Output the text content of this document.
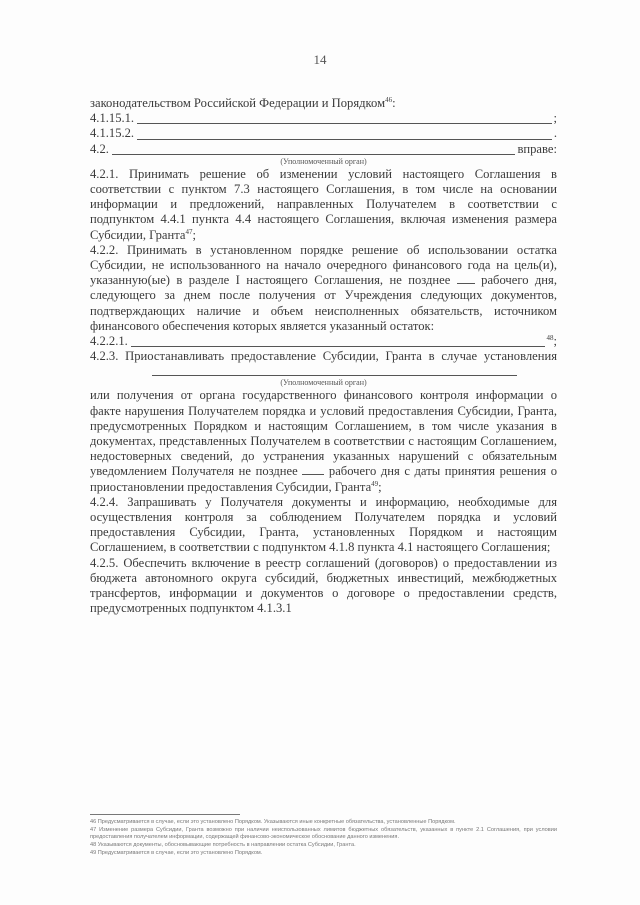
14

законодательством Российской Федерации и Порядком$^{46}$:

4.1.15.1.	;
4.1.15.2.	.
4.2.	вправе:
(Уполномоченный орган)

4.2.1. Принимать решение об изменении условий настоящего Соглашения в соответствии с пунктом 7.3 настоящего Соглашения, в том числе на основании информации и предложений, направленных Получателем в соответствии с подпунктом 4.4.1 пункта 4.4 настоящего Соглашения, включая изменения размера Субсидии, Гранта$^{47}$;

4.2.2. Принимать в установленном порядке решение об использовании остатка Субсидии, не использованного на начало очередного финансового года на цель(и), указанную(ые) в разделе I настоящего Соглашения, не позднее рабочего дня, следующего за днем после получения от Учреждения следующих документов, подтверждающих наличие и объем неисполненных обязательств, источником финансового обеспечения которых является указанный остаток:

4.2.2.1.	$^{48}$;

4.2.3. Приостанавливать предоставление Субсидии, Гранта в случае установления

(Уполномоченный орган)

или получения от органа государственного финансового контроля информации о факте нарушения Получателем порядка и условий предоставления Субсидии, Гранта, предусмотренных Порядком и настоящим Соглашением, в том числе указания в документах, представленных Получателем в соответствии с настоящим Соглашением, недостоверных сведений, до устранения указанных нарушений с обязательным уведомлением Получателя не позднее рабочего дня с даты принятия решения о приостановлении предоставления Субсидии, Гранта$^{49}$;

4.2.4. Запрашивать у Получателя документы и информацию, необходимые для осуществления контроля за соблюдением Получателем порядка и условий предоставления Субсидии, Гранта, установленных Порядком и настоящим Соглашением, в соответствии с подпунктом 4.1.8 пункта 4.1 настоящего Соглашения;

4.2.5. Обеспечить включение в реестр соглашений (договоров) о предоставлении из бюджета автономного округа субсидий, бюджетных инвестиций, межбюджетных трансфертов, информации и документов о договоре о предоставлении средств, предусмотренных подпунктом 4.1.3.1

46 Предусматривается в случае, если это установлено Порядком. Указываются иные конкретные обязательства, установленные Порядком.

47 Изменение размера Субсидии, Гранта возможно при наличии неиспользованных лимитов бюджетных обязательств, указанных в пункте 2.1 Соглашения, при условии предоставления получателем информации, содержащей финансово-экономическое обоснование данного изменения.

48 Указываются документы, обосновывающие потребность в направлении остатка Субсидии, Гранта.

49 Предусматривается в случае, если это установлено Порядком.
